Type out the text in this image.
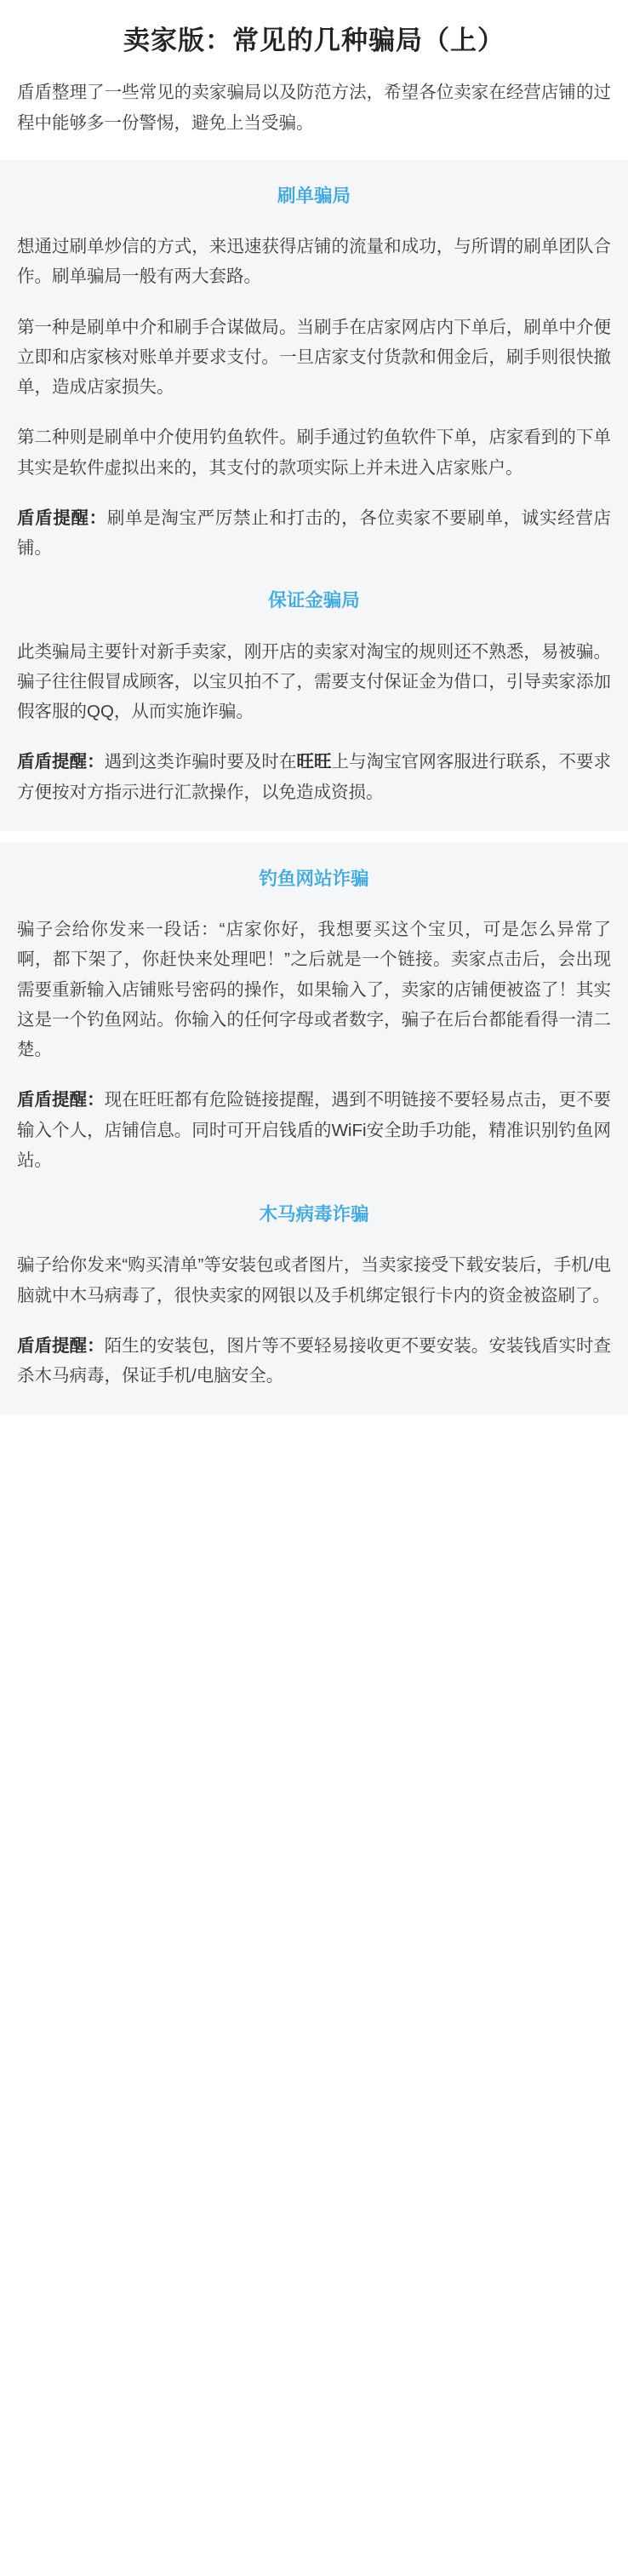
卖家版：常见的几种骗局（上）

盾盾整理了一些常见的卖家骗局以及防范方法，希望各位卖家在经营店铺的过程中能够多一份警惕，避免上当受骗。

刷单骗局

想通过刷单炒信的方式，来迅速获得店铺的流量和成功，与所谓的刷单团队合作。刷单骗局一般有两大套路。

第一种是刷单中介和刷手合谋做局。当刷手在店家网店内下单后，刷单中介便立即和店家核对账单并要求支付。一旦店家支付货款和佣金后，刷手则很快撤单，造成店家损失。

第二种则是刷单中介使用钓鱼软件。刷手通过钓鱼软件下单，店家看到的下单其实是软件虚拟出来的，其支付的款项实际上并未进入店家账户。

盾盾提醒：刷单是淘宝严厉禁止和打击的，各位卖家不要刷单，诚实经营店铺。

保证金骗局

此类骗局主要针对新手卖家，刚开店的卖家对淘宝的规则还不熟悉，易被骗。骗子往往假冒成顾客，以宝贝拍不了，需要支付保证金为借口，引导卖家添加假客服的QQ，从而实施诈骗。

盾盾提醒：遇到这类诈骗时要及时在旺旺上与淘宝官网客服进行联系，不要求方便按对方指示进行汇款操作，以免造成资损。

钓鱼网站诈骗

骗子会给你发来一段话：“店家你好，我想要买这个宝贝，可是怎么异常了啊，都下架了，你赶快来处理吧！”之后就是一个链接。卖家点击后，会出现需要重新输入店铺账号密码的操作，如果输入了，卖家的店铺便被盗了！其实这是一个钓鱼网站。你输入的任何字母或者数字，骗子在后台都能看得一清二楚。

盾盾提醒：现在旺旺都有危险链接提醒，遇到不明链接不要轻易点击，更不要输入个人，店铺信息。同时可开启钱盾的WiFi安全助手功能，精准识别钓鱼网站。

木马病毒诈骗

骗子给你发来“购买清单”等安装包或者图片，当卖家接受下载安装后，手机/电脑就中木马病毒了，很快卖家的网银以及手机绑定银行卡内的资金被盗刷了。

盾盾提醒：陌生的安装包，图片等不要轻易接收更不要安装。安装钱盾实时查杀木马病毒，保证手机/电脑安全。
